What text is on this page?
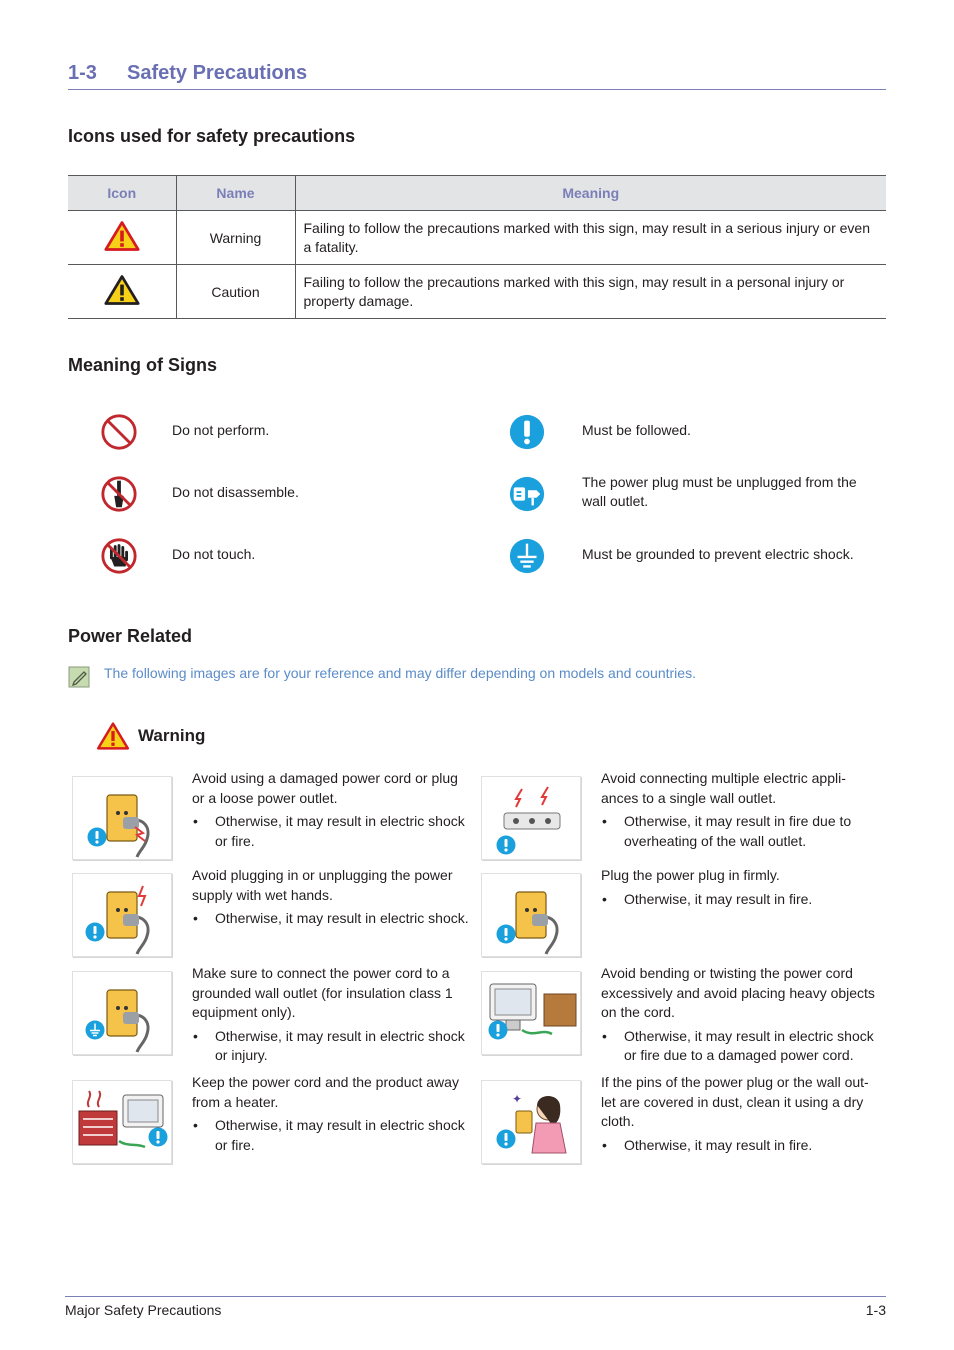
1-3 Safety Precautions
Icons used for safety precautions
Icon	Name	Meaning
	Warning	Failing to follow the precautions marked with this sign, may result in a serious injury or even a fatality.
	Caution	Failing to follow the precautions marked with this sign, may result in a personal injury or property damage.
Meaning of Signs
Do not perform.
Do not disassemble.
Do not touch.
Must be followed.
The power plug must be unplugged from the wall outlet.
Must be grounded to prevent electric shock.
Power Related
The following images are for your reference and may differ depending on models and countries.
Warning
Avoid using a damaged power cord or plug or a loose power outlet.
• Otherwise, it may result in electric shock or fire.
Avoid connecting multiple electric appli-ances to a single wall outlet.
• Otherwise, it may result in fire due to overheating of the wall outlet.
Avoid plugging in or unplugging the power supply with wet hands.
• Otherwise, it may result in electric shock.
Plug the power plug in firmly.
• Otherwise, it may result in fire.
Make sure to connect the power cord to a grounded wall outlet (for insulation class 1 equipment only).
• Otherwise, it may result in electric shock or injury.
Avoid bending or twisting the power cord excessively and avoid placing heavy objects on the cord.
• Otherwise, it may result in electric shock or fire due to a damaged power cord.
Keep the power cord and the product away from a heater.
• Otherwise, it may result in electric shock or fire.
✦
If the pins of the power plug or the wall out-let are covered in dust, clean it using a dry cloth.
• Otherwise, it may result in fire.
Major Safety Precautions	1-3
